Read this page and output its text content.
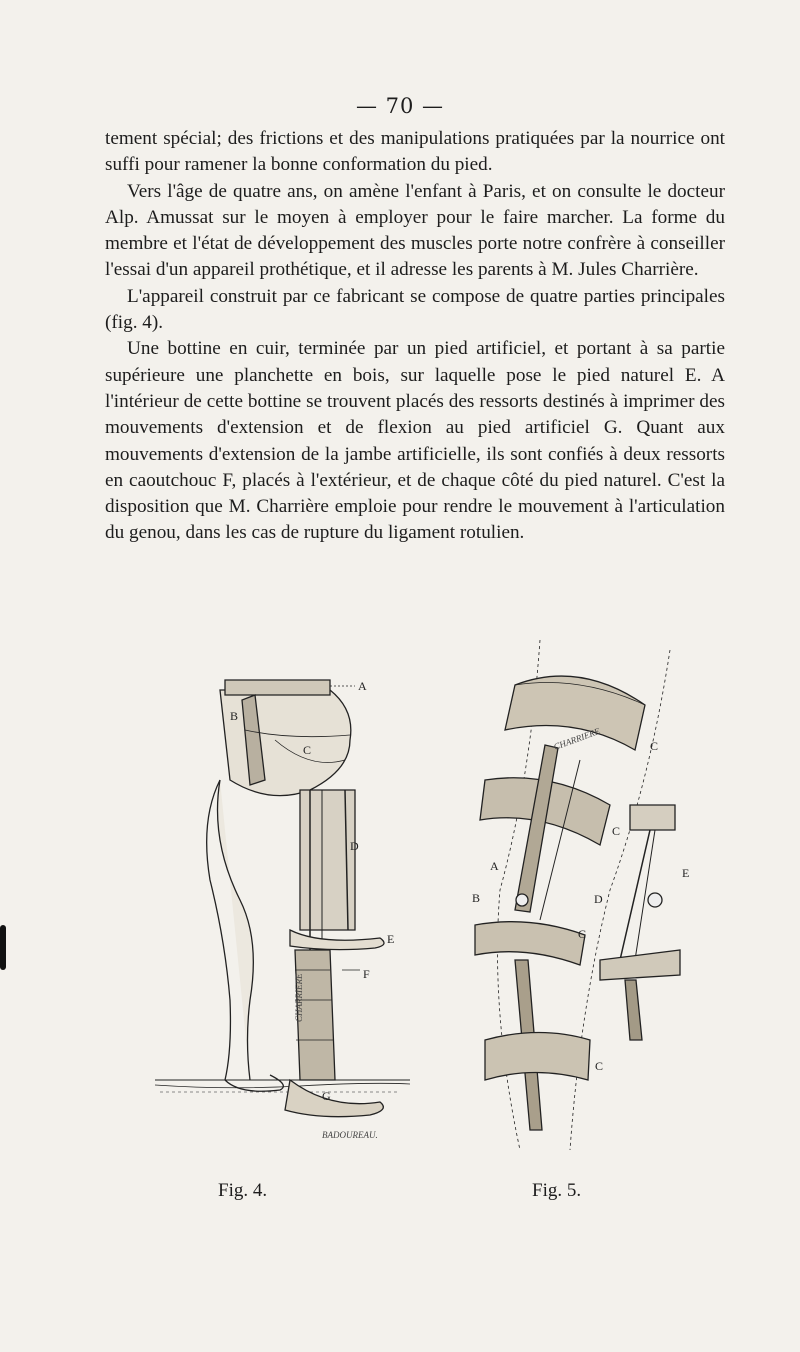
— 70 —

tement spécial; des frictions et des manipulations pratiquées par la nourrice ont suffi pour ramener la bonne conformation du pied.

Vers l'âge de quatre ans, on amène l'enfant à Paris, et on consulte le docteur Alp. Amussat sur le moyen à employer pour le faire marcher. La forme du membre et l'état de développement des muscles porte notre confrère à conseiller l'essai d'un appareil prothétique, et il adresse les parents à M. Jules Charrière.

L'appareil construit par ce fabricant se compose de quatre parties principales (fig. 4).

Une bottine en cuir, terminée par un pied artificiel, et portant à sa partie supérieure une planchette en bois, sur laquelle pose le pied naturel E. A l'intérieur de cette bottine se trouvent placés des ressorts destinés à imprimer des mouvements d'extension et de flexion au pied artificiel G. Quant aux mouvements d'extension de la jambe artificielle, ils sont confiés à deux ressorts en caoutchouc F, placés à l'extérieur, et de chaque côté du pied naturel. C'est la disposition que M. Charrière emploie pour rendre le mouvement à l'articulation du genou, dans les cas de rupture du ligament rotulien.

A
B
C
D
E
F
G
CHARRIERE
BADOUREAU.
Fig. 4.
CHARRIERE	C
C
A
B	D
E
C
C
Fig. 5.
